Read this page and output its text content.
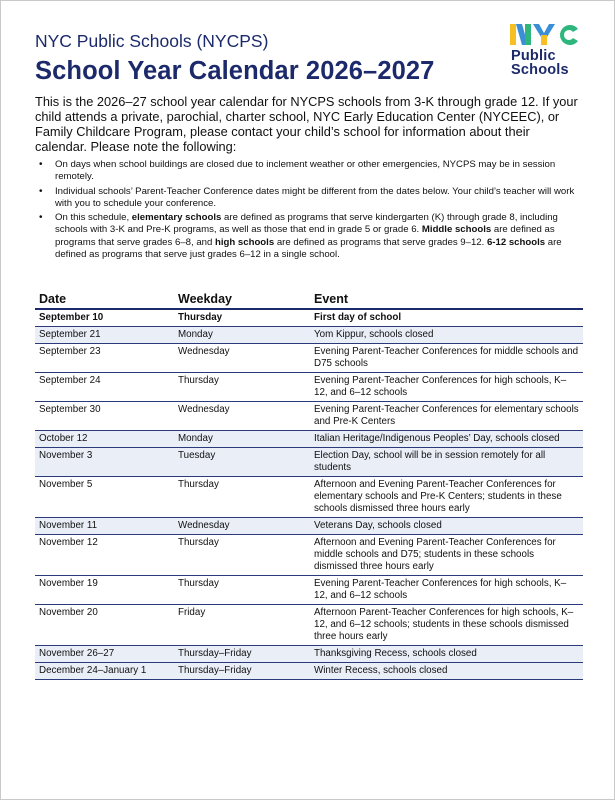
NYC Public Schools (NYCPS)

School Year Calendar 2026–2027
Public
Schools

This is the 2026–27 school year calendar for NYCPS schools from 3-K through grade 12. If your child attends a private, parochial, charter school, NYC Early Education Center (NYCEEC), or Family Childcare Program, please contact your child’s school for information about their calendar. Please note the following:

• On days when school buildings are closed due to inclement weather or other emergencies, NYCPS may be in session remotely.
• Individual schools’ Parent-Teacher Conference dates might be different from the dates below. Your child’s teacher will work with you to schedule your conference.
• On this schedule, elementary schools are defined as programs that serve kindergarten (K) through grade 8, including schools with 3-K and Pre-K programs, as well as those that end in grade 5 or grade 6. Middle schools are defined as programs that serve grades 6–8, and high schools are defined as programs that serve grades 9–12. 6-12 schools are defined as programs that serve just grades 6–12 in a single school.
Date	Weekday	Event
September 10	Thursday	First day of school
September 21	Monday	Yom Kippur, schools closed
September 23	Wednesday	Evening Parent-Teacher Conferences for middle schools and D75 schools
September 24	Thursday	Evening Parent-Teacher Conferences for high schools, K–12, and 6–12 schools
September 30	Wednesday	Evening Parent-Teacher Conferences for elementary schools and Pre-K Centers
October 12	Monday	Italian Heritage/Indigenous Peoples’ Day, schools closed
November 3	Tuesday	Election Day, school will be in session remotely for all students
November 5	Thursday	Afternoon and Evening Parent-Teacher Conferences for elementary schools and Pre-K Centers; students in these schools dismissed three hours early
November 11	Wednesday	Veterans Day, schools closed
November 12	Thursday	Afternoon and Evening Parent-Teacher Conferences for middle schools and D75; students in these schools dismissed three hours early
November 19	Thursday	Evening Parent-Teacher Conferences for high schools, K–12, and 6–12 schools
November 20	Friday	Afternoon Parent-Teacher Conferences for high schools, K–12, and 6–12 schools; students in these schools dismissed three hours early
November 26–27	Thursday–Friday	Thanksgiving Recess, schools closed
December 24–January 1	Thursday–Friday	Winter Recess, schools closed
